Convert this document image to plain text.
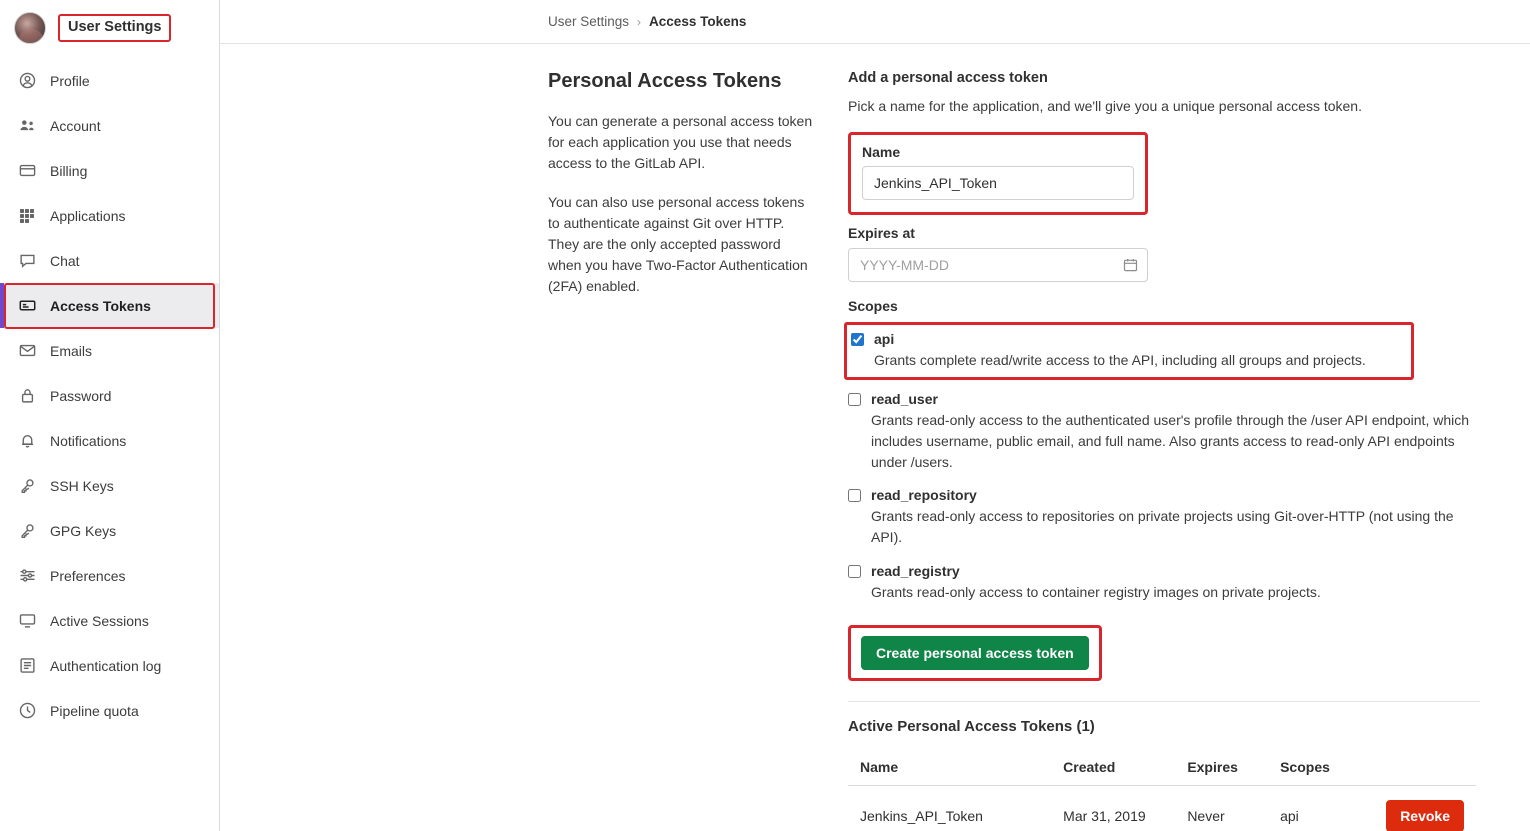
User Settings
Profile
Account
Billing
Applications
Chat
Access Tokens
Emails
Password
Notifications
SSH Keys
GPG Keys
Preferences
Active Sessions
Authentication log
Pipeline quota
User Settings › Access Tokens
Personal Access Tokens

You can generate a personal access token for each application you use that needs access to the GitLab API.

You can also use personal access tokens to authenticate against Git over HTTP. They are the only accepted password when you have Two-Factor Authentication (2FA) enabled.

Add a personal access token
Pick a name for the application, and we'll give you a unique personal access token.
Name
Jenkins_API_Token
Expires at
YYYY-MM-DD
Scopes
api
Grants complete read/write access to the API, including all groups and projects.
read_user
Grants read-only access to the authenticated user's profile through the /user API endpoint, which includes username, public email, and full name. Also grants access to read-only API endpoints under /users.
read_repository
Grants read-only access to repositories on private projects using Git-over-HTTP (not using the API).
read_registry
Grants read-only access to container registry images on private projects.
Create personal access token
Active Personal Access Tokens (1)
Name	Created	Expires	Scopes	
Jenkins_API_Token	Mar 31, 2019	Never	api	Revoke
